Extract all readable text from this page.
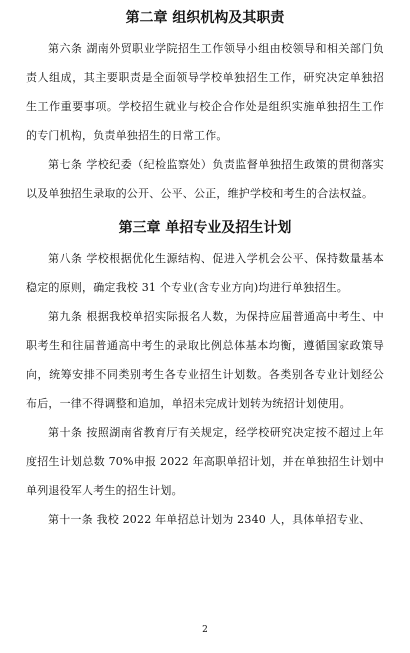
第二章 组织机构及其职责

第六条 湖南外贸职业学院招生工作领导小组由校领导和相关部门负责人组成，其主要职责是全面领导学校单独招生工作，研究决定单独招生工作重要事项。学校招生就业与校企合作处是组织实施单独招生工作的专门机构，负责单独招生的日常工作。

第七条 学校纪委（纪检监察处）负责监督单独招生政策的贯彻落实以及单独招生录取的公开、公平、公正，维护学校和考生的合法权益。

第三章 单招专业及招生计划

第八条 学校根据优化生源结构、促进入学机会公平、保持数量基本稳定的原则，确定我校 31 个专业(含专业方向)均进行单独招生。

第九条 根据我校单招实际报名人数，为保持应届普通高中考生、中职考生和往届普通高中考生的录取比例总体基本均衡，遵循国家政策导向，统筹安排不同类别考生各专业招生计划数。各类别各专业计划经公布后，一律不得调整和追加，单招未完成计划转为统招计划使用。

第十条 按照湖南省教育厅有关规定，经学校研究决定按不超过上年度招生计划总数 70%申报 2022 年高职单招计划，并在单独招生计划中单列退役军人考生的招生计划。

第十一条 我校 2022 年单招总计划为 2340 人，具体单招专业、

2
